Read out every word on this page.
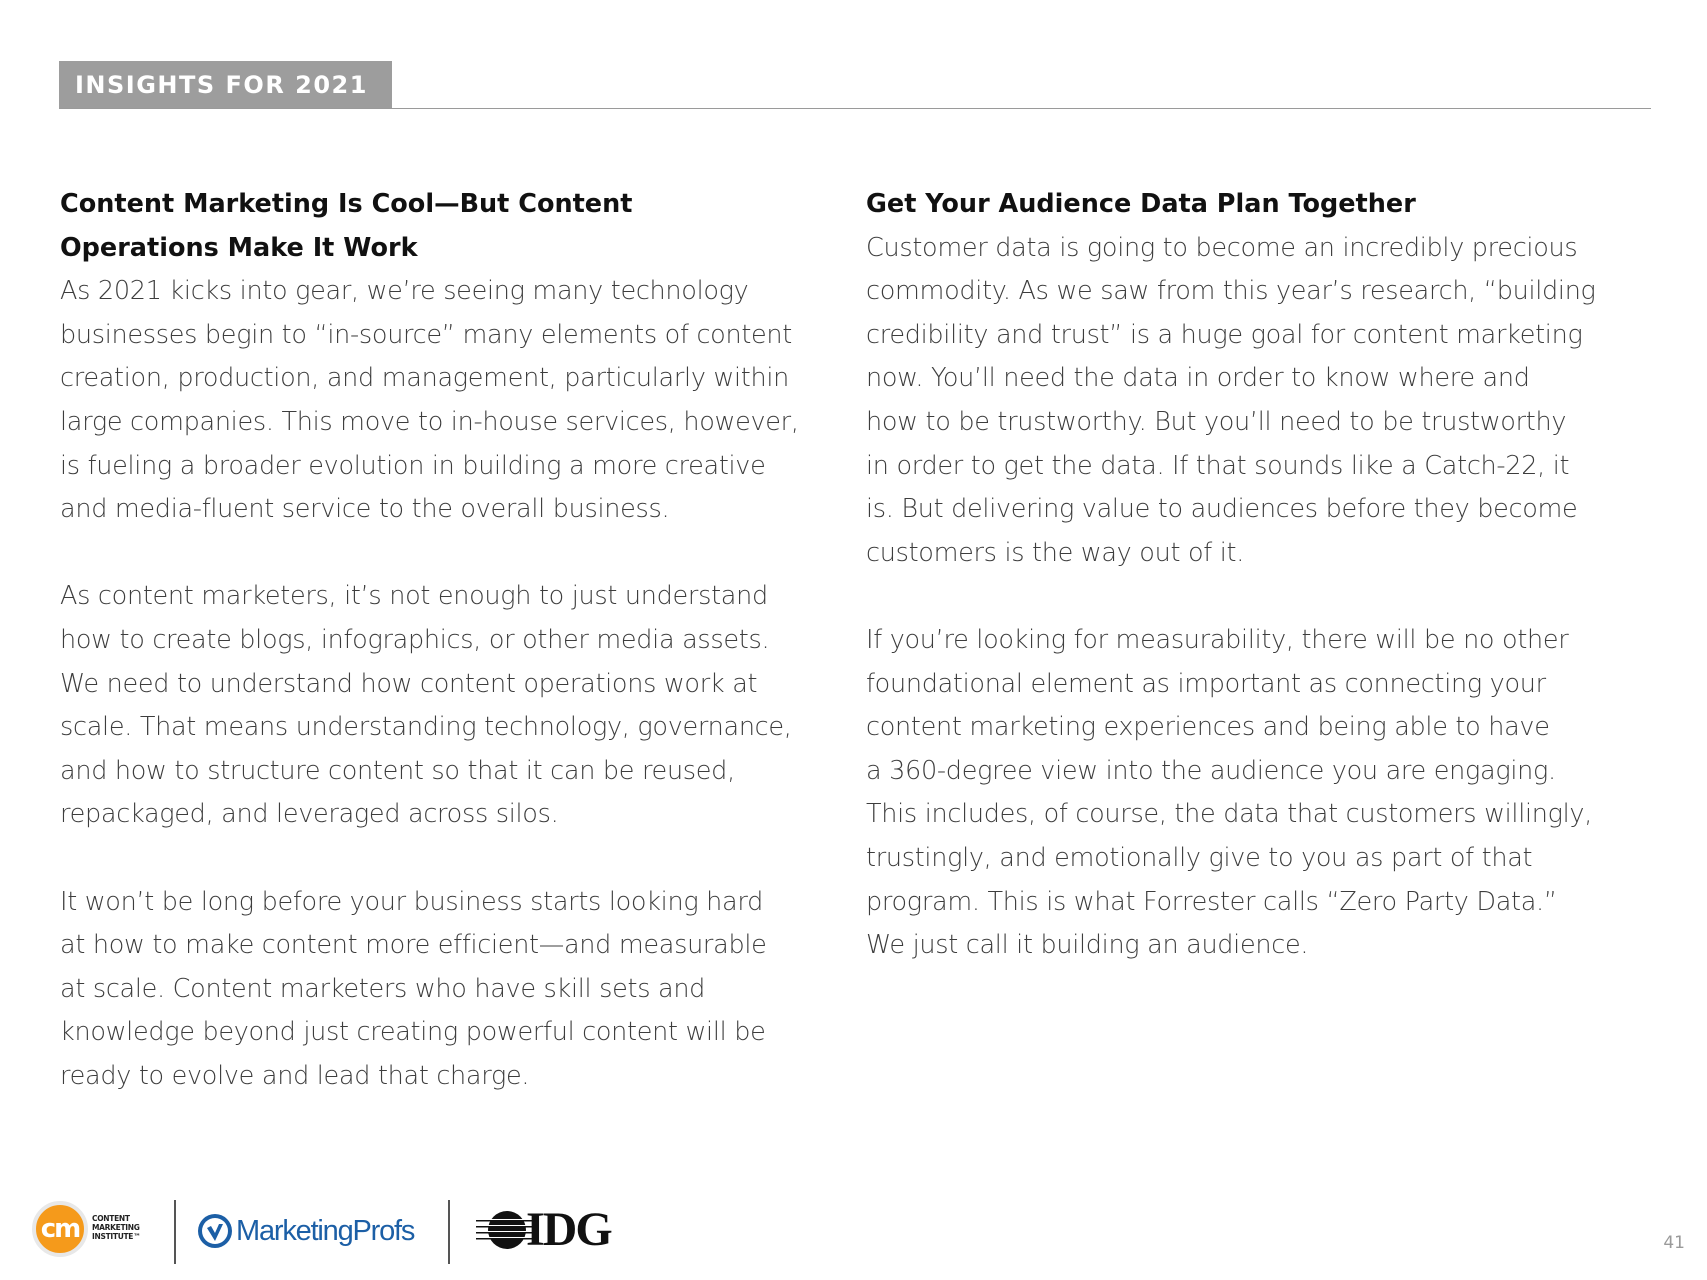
INSIGHTS FOR 2021
Content Marketing Is Cool—But Content
Operations Make It Work
As 2021 kicks into gear, we’re seeing many technology
businesses begin to “in-source” many elements of content
creation, production, and management, particularly within
large companies. This move to in-house services, however,
is fueling a broader evolution in building a more creative
and media-fluent service to the overall business.
As content marketers, it’s not enough to just understand
how to create blogs, infographics, or other media assets.
We need to understand how content operations work at
scale. That means understanding technology, governance,
and how to structure content so that it can be reused,
repackaged, and leveraged across silos.
It won’t be long before your business starts looking hard
at how to make content more efficient—and measurable
at scale. Content marketers who have skill sets and
knowledge beyond just creating powerful content will be
ready to evolve and lead that charge.
Get Your Audience Data Plan Together
Customer data is going to become an incredibly precious
commodity. As we saw from this year’s research, “building
credibility and trust” is a huge goal for content marketing
now. You’ll need the data in order to know where and
how to be trustworthy. But you’ll need to be trustworthy
in order to get the data. If that sounds like a Catch-22, it
is. But delivering value to audiences before they become
customers is the way out of it.
If you’re looking for measurability, there will be no other
foundational element as important as connecting your
content marketing experiences and being able to have
a 360-degree view into the audience you are engaging.
This includes, of course, the data that customers willingly,
trustingly, and emotionally give to you as part of that
program. This is what Forrester calls “Zero Party Data.”
We just call it building an audience.
cm	CONTENT
MARKETING
INSTITUTE™	MarketingProfs IDG	41
